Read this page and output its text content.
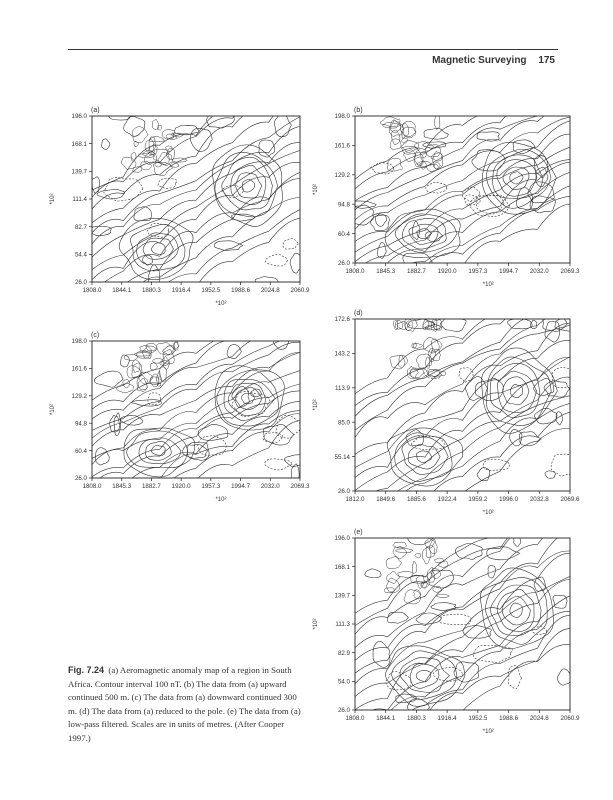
Magnetic Surveying 175
(a)
196.0
168.1
139.7
111.4
82.7
54.4
26.0
1808.0 1844.1 1880.3 1916.4 1952.5 1988.6 2024.8 2060.9
*10²
*10²
(b)
198.0
161.6
129.2
94.8
60.4
26.0
1808.0 1845.3 1882.7 1920.0 1957.3 1994.7 2032.0 2069.3
*10²
*10²
(c)
198.0
161.6
129.2
94.8
60.4
26.0
1808.0 1845.3 1882.7 1920.0 1957.3 1994.7 2032.0 2069.3
*10²
*10²
(d)
172.6
143.2
113.9
85.0
55.14
26.0
1812.0 1849.6 1885.6 1922.4 1959.2 1996.0 2032.8 2069.6
*10²
*10²
(e)
196.0
168.1
139.7
111.3
82.9
54.0
26.0
1808.0 1844.1 1880.3 1916.4 1952.5 1988.6 2024.8 2060.9
*10²
*10²
Fig. 7.24 (a) Aeromagnetic anomaly map of a region in South Africa. Contour interval 100 nT. (b) The data from (a) upward continued 500 m. (c) The data from (a) downward continued 300 m. (d) The data from (a) reduced to the pole. (e) The data from (a) low-pass filtered. Scales are in units of metres. (After Cooper 1997.)
